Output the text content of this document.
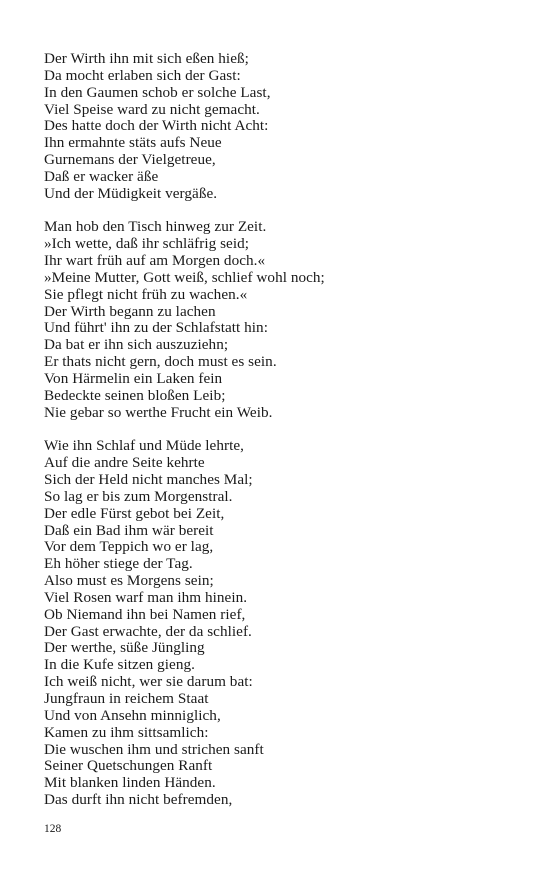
Der Wirth ihn mit sich eßen hieß;
Da mocht erlaben sich der Gast:
In den Gaumen schob er solche Last,
Viel Speise ward zu nicht gemacht.
Des hatte doch der Wirth nicht Acht:
Ihn ermahnte stäts aufs Neue
Gurnemans der Vielgetreue,
Daß er wacker äße
Und der Müdigkeit vergäße.
Man hob den Tisch hinweg zur Zeit.
»Ich wette, daß ihr schläfrig seid;
Ihr wart früh auf am Morgen doch.«
»Meine Mutter, Gott weiß, schlief wohl noch;
Sie pflegt nicht früh zu wachen.«
Der Wirth begann zu lachen
Und führt' ihn zu der Schlafstatt hin:
Da bat er ihn sich auszuziehn;
Er thats nicht gern, doch must es sein.
Von Härmelin ein Laken fein
Bedeckte seinen bloßen Leib;
Nie gebar so werthe Frucht ein Weib.
Wie ihn Schlaf und Müde lehrte,
Auf die andre Seite kehrte
Sich der Held nicht manches Mal;
So lag er bis zum Morgenstral.
Der edle Fürst gebot bei Zeit,
Daß ein Bad ihm wär bereit
Vor dem Teppich wo er lag,
Eh höher stiege der Tag.
Also must es Morgens sein;
Viel Rosen warf man ihm hinein.
Ob Niemand ihn bei Namen rief,
Der Gast erwachte, der da schlief.
Der werthe, süße Jüngling
In die Kufe sitzen gieng.
Ich weiß nicht, wer sie darum bat:
Jungfraun in reichem Staat
Und von Ansehn minniglich,
Kamen zu ihm sittsamlich:
Die wuschen ihm und strichen sanft
Seiner Quetschungen Ranft
Mit blanken linden Händen.
Das durft ihn nicht befremden,
128
